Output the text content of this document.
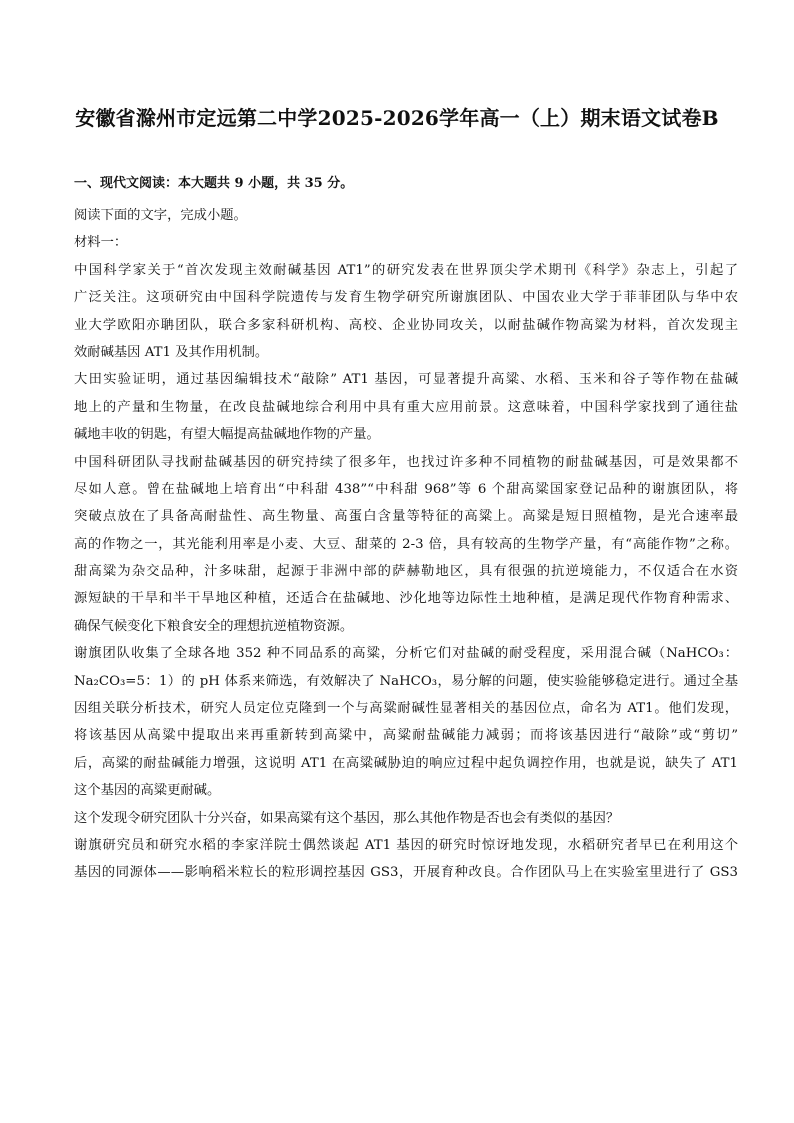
安徽省滁州市定远第二中学2025-2026学年高一（上）期末语文试卷B
一、现代文阅读：本大题共 9 小题，共 35 分。
阅读下面的文字，完成小题。
材料一：
中国科学家关于“首次发现主效耐碱基因 AT1”的研究发表在世界顶尖学术期刊《科学》杂志上，引起了
广泛关注。这项研究由中国科学院遗传与发育生物学研究所谢旗团队、中国农业大学于菲菲团队与华中农
业大学欧阳亦聃团队，联合多家科研机构、高校、企业协同攻关，以耐盐碱作物高粱为材料，首次发现主
效耐碱基因 AT1 及其作用机制。
大田实验证明，通过基因编辑技术“敲除” AT1 基因，可显著提升高粱、水稻、玉米和谷子等作物在盐碱
地上的产量和生物量，在改良盐碱地综合利用中具有重大应用前景。这意味着，中国科学家找到了通往盐
碱地丰收的钥匙，有望大幅提高盐碱地作物的产量。
中国科研团队寻找耐盐碱基因的研究持续了很多年，也找过许多种不同植物的耐盐碱基因，可是效果都不
尽如人意。曾在盐碱地上培育出“中科甜 438”“中科甜 968”等 6 个甜高粱国家登记品种的谢旗团队，将
突破点放在了具备高耐盐性、高生物量、高蛋白含量等特征的高粱上。高粱是短日照植物，是光合速率最
高的作物之一，其光能利用率是小麦、大豆、甜菜的 2-3 倍，具有较高的生物学产量，有“高能作物”之称。
甜高粱为杂交品种，汁多味甜，起源于非洲中部的萨赫勒地区，具有很强的抗逆境能力，不仅适合在水资
源短缺的干旱和半干旱地区种植，还适合在盐碱地、沙化地等边际性土地种植，是满足现代作物育种需求、
确保气候变化下粮食安全的理想抗逆植物资源。
谢旗团队收集了全球各地 352 种不同品系的高粱，分析它们对盐碱的耐受程度，采用混合碱（NaHCO₃：
Na₂CO₃=5：1）的 pH 体系来筛选，有效解决了 NaHCO₃，易分解的问题，使实验能够稳定进行。通过全基
因组关联分析技术，研究人员定位克隆到一个与高粱耐碱性显著相关的基因位点，命名为 AT1。他们发现，
将该基因从高粱中提取出来再重新转到高粱中，高粱耐盐碱能力减弱；而将该基因进行“敲除”或“剪切”
后，高粱的耐盐碱能力增强，这说明 AT1 在高粱碱胁迫的响应过程中起负调控作用，也就是说，缺失了 AT1
这个基因的高粱更耐碱。
这个发现令研究团队十分兴奋，如果高粱有这个基因，那么其他作物是否也会有类似的基因？
谢旗研究员和研究水稻的李家洋院士偶然谈起 AT1 基因的研究时惊讶地发现，水稻研究者早已在利用这个
基因的同源体——影响稻米粒长的粒形调控基因 GS3，开展育种改良。合作团队马上在实验室里进行了 GS3
